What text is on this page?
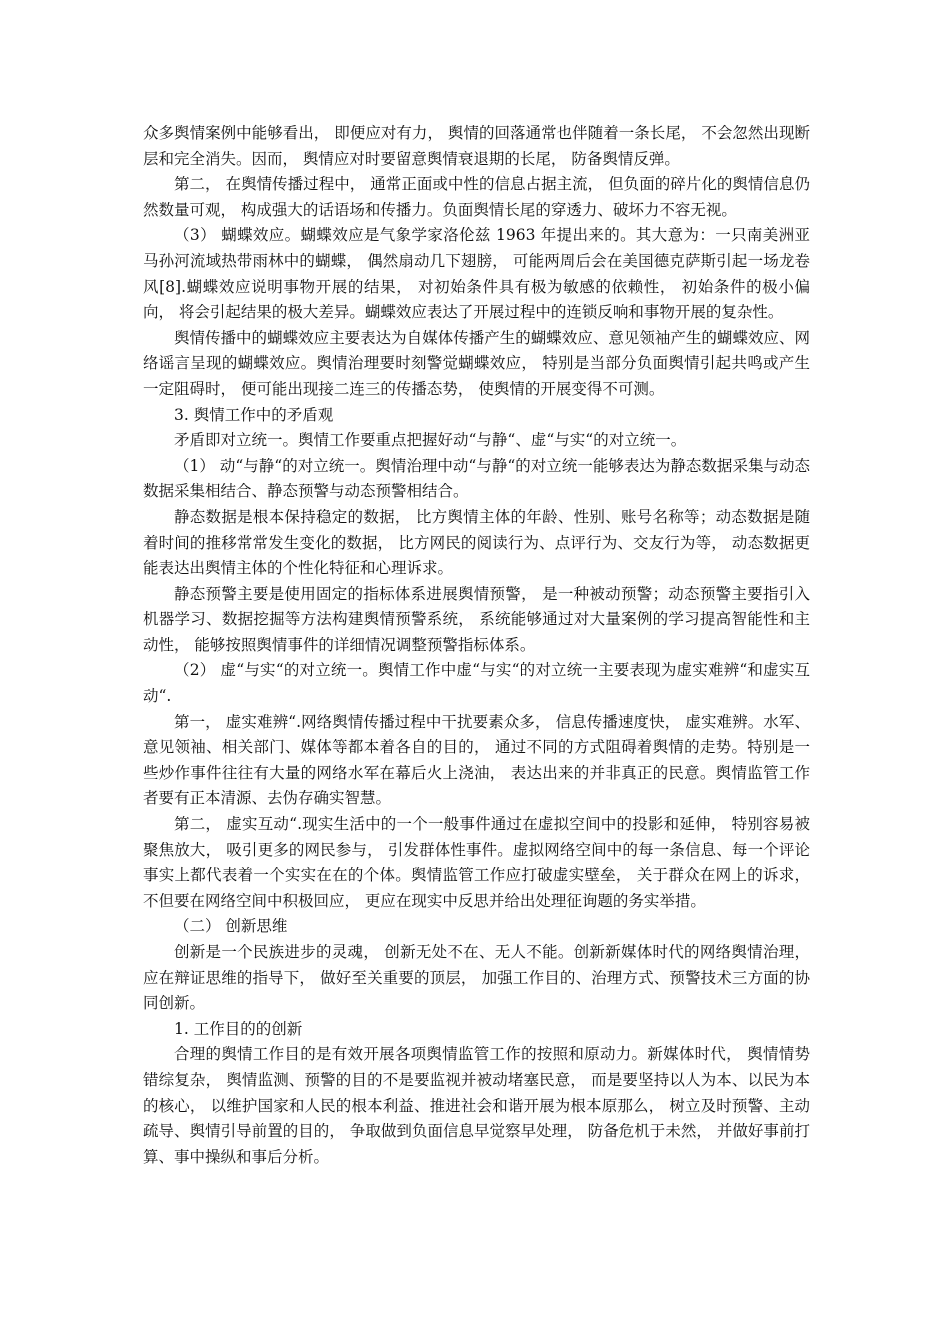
众多舆情案例中能够看出， 即便应对有力， 舆情的回落通常也伴随着一条长尾， 不会忽然出现断层和完全消失。因而， 舆情应对时要留意舆情衰退期的长尾， 防备舆情反弹。

第二， 在舆情传播过程中， 通常正面或中性的信息占据主流， 但负面的碎片化的舆情信息仍然数量可观， 构成强大的话语场和传播力。负面舆情长尾的穿透力、破坏力不容无视。

（3） 蝴蝶效应。蝴蝶效应是气象学家洛伦兹 1963 年提出来的。其大意为：一只南美洲亚马孙河流域热带雨林中的蝴蝶， 偶然扇动几下翅膀， 可能两周后会在美国德克萨斯引起一场龙卷风[8].蝴蝶效应说明事物开展的结果， 对初始条件具有极为敏感的依赖性， 初始条件的极小偏向， 将会引起结果的极大差异。蝴蝶效应表达了开展过程中的连锁反响和事物开展的复杂性。

舆情传播中的蝴蝶效应主要表达为自媒体传播产生的蝴蝶效应、意见领袖产生的蝴蝶效应、网络谣言呈现的蝴蝶效应。舆情治理要时刻警觉蝴蝶效应， 特别是当部分负面舆情引起共鸣或产生一定阻碍时， 便可能出现接二连三的传播态势， 使舆情的开展变得不可测。

3. 舆情工作中的矛盾观

矛盾即对立统一。舆情工作要重点把握好动“与静“、虚“与实“的对立统一。

（1） 动“与静“的对立统一。舆情治理中动“与静“的对立统一能够表达为静态数据采集与动态数据采集相结合、静态预警与动态预警相结合。

静态数据是根本保持稳定的数据， 比方舆情主体的年龄、性别、账号名称等；动态数据是随着时间的推移常常发生变化的数据， 比方网民的阅读行为、点评行为、交友行为等， 动态数据更能表达出舆情主体的个性化特征和心理诉求。

静态预警主要是使用固定的指标体系进展舆情预警， 是一种被动预警；动态预警主要指引入机器学习、数据挖掘等方法构建舆情预警系统， 系统能够通过对大量案例的学习提高智能性和主动性， 能够按照舆情事件的详细情况调整预警指标体系。

（2） 虚“与实“的对立统一。舆情工作中虚“与实“的对立统一主要表现为虚实难辨“和虚实互动“.

第一， 虚实难辨“.网络舆情传播过程中干扰要素众多， 信息传播速度快， 虚实难辨。水军、意见领袖、相关部门、媒体等都本着各自的目的， 通过不同的方式阻碍着舆情的走势。特别是一些炒作事件往往有大量的网络水军在幕后火上浇油， 表达出来的并非真正的民意。舆情监管工作者要有正本清源、去伪存确实智慧。

第二， 虚实互动“.现实生活中的一个一般事件通过在虚拟空间中的投影和延伸， 特别容易被聚焦放大， 吸引更多的网民参与， 引发群体性事件。虚拟网络空间中的每一条信息、每一个评论事实上都代表着一个实实在在的个体。舆情监管工作应打破虚实壁垒， 关于群众在网上的诉求， 不但要在网络空间中积极回应， 更应在现实中反思并给出处理征询题的务实举措。

（二） 创新思维

创新是一个民族进步的灵魂， 创新无处不在、无人不能。创新新媒体时代的网络舆情治理， 应在辩证思维的指导下， 做好至关重要的顶层， 加强工作目的、治理方式、预警技术三方面的协同创新。

1. 工作目的的创新

合理的舆情工作目的是有效开展各项舆情监管工作的按照和原动力。新媒体时代， 舆情情势错综复杂， 舆情监测、预警的目的不是要监视并被动堵塞民意， 而是要坚持以人为本、以民为本的核心， 以维护国家和人民的根本利益、推进社会和谐开展为根本原那么， 树立及时预警、主动疏导、舆情引导前置的目的， 争取做到负面信息早觉察早处理， 防备危机于未然， 并做好事前打算、事中操纵和事后分析。
